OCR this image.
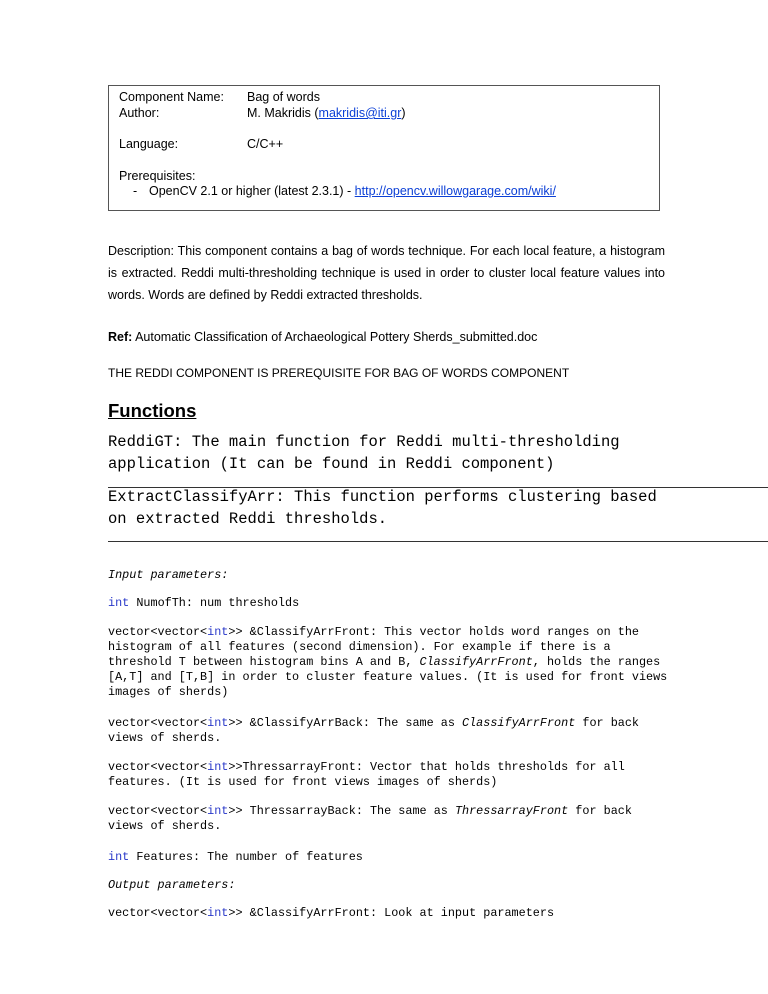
Component Name: Bag of words
Author:	M. Makridis (makridis@iti.gr)
Language:	C/C++
Prerequisites:
- OpenCV 2.1 or higher (latest 2.3.1) - http://opencv.willowgarage.com/wiki/

Description: This component contains a bag of words technique. For each local feature, a histogram is extracted. Reddi multi-thresholding technique is used in order to cluster local feature values into words. Words are defined by Reddi extracted thresholds.

Ref: Automatic Classification of Archaeological Pottery Sherds_submitted.doc
THE REDDI COMPONENT IS PREREQUISITE FOR BAG OF WORDS COMPONENT
Functions

ReddiGT: The main function for Reddi multi-thresholding application (It can be found in Reddi component)

ExtractClassifyArr: This function performs clustering based on extracted Reddi thresholds.

Input parameters:
int NumofTh: num thresholds
vector<vector<int>> &ClassifyArrFront: This vector holds word ranges on the histogram of all features (second dimension). For example if there is a threshold T between histogram bins A and B, ClassifyArrFront, holds the ranges [A,T] and [T,B] in order to cluster feature values. (It is used for front views images of sherds)
vector<vector<int>> &ClassifyArrBack: The same as ClassifyArrFront for back views of sherds.
vector<vector<int>>ThressarrayFront: Vector that holds thresholds for all features. (It is used for front views images of sherds)
vector<vector<int>> ThressarrayBack: The same as ThressarrayFront for back views of sherds.
int Features: The number of features
Output parameters:
vector<vector<int>> &ClassifyArrFront: Look at input parameters
